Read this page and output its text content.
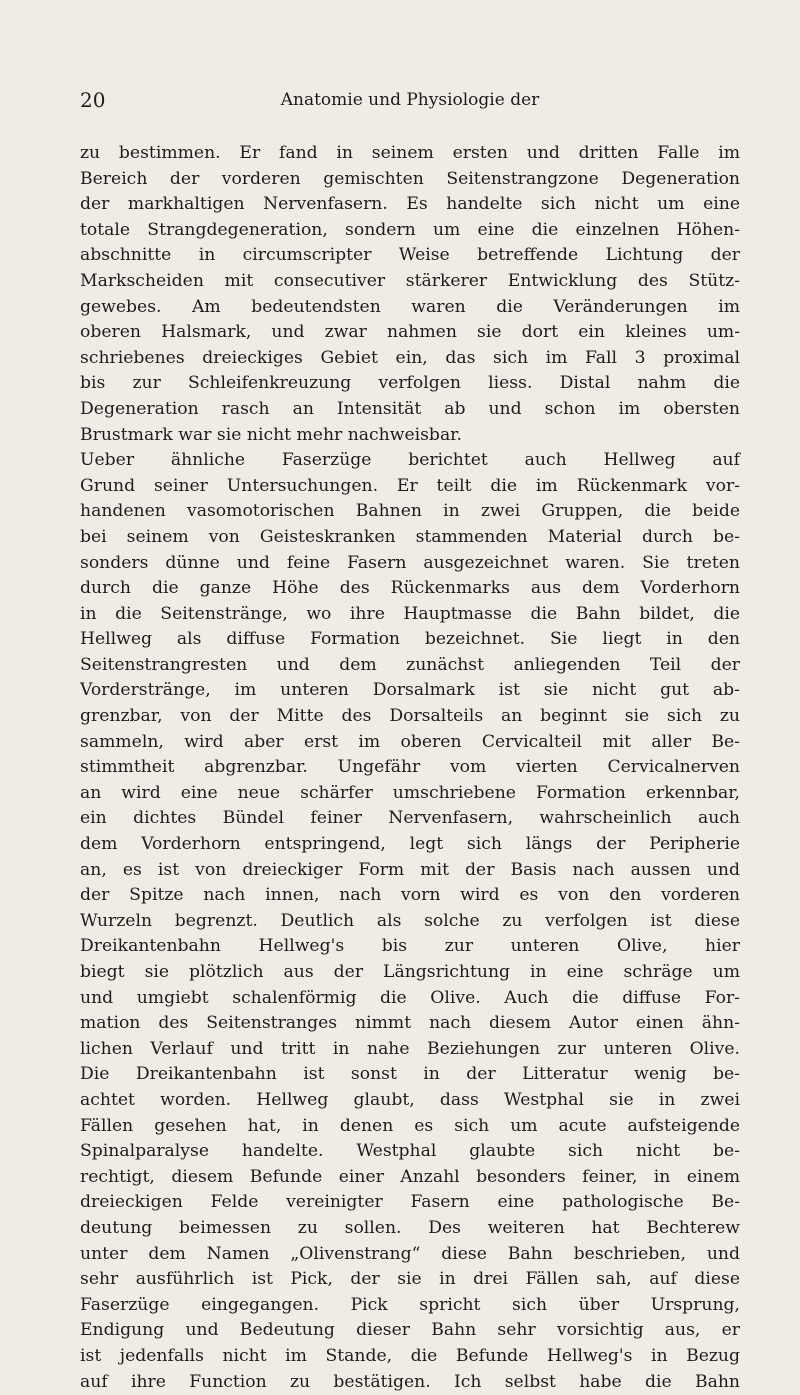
20	Anatomie und Physiologie der
zu bestimmen. Er fand in seinem ersten und dritten Falle im
Bereich der vorderen gemischten Seitenstrangzone Degeneration
der markhaltigen Nervenfasern. Es handelte sich nicht um eine
totale Strangdegeneration, sondern um eine die einzelnen Höhen-
abschnitte in circumscripter Weise betreffende Lichtung der
Markscheiden mit consecutiver stärkerer Entwicklung des Stütz-
gewebes. Am bedeutendsten waren die Veränderungen im
oberen Halsmark, und zwar nahmen sie dort ein kleines um-
schriebenes dreieckiges Gebiet ein, das sich im Fall 3 proximal
bis zur Schleifenkreuzung verfolgen liess. Distal nahm die
Degeneration rasch an Intensität ab und schon im obersten
Brustmark war sie nicht mehr nachweisbar.
Ueber ähnliche Faserzüge berichtet auch Hellweg auf
Grund seiner Untersuchungen. Er teilt die im Rückenmark vor-
handenen vasomotorischen Bahnen in zwei Gruppen, die beide
bei seinem von Geisteskranken stammenden Material durch be-
sonders dünne und feine Fasern ausgezeichnet waren. Sie treten
durch die ganze Höhe des Rückenmarks aus dem Vorderhorn
in die Seitenstränge, wo ihre Hauptmasse die Bahn bildet, die
Hellweg als diffuse Formation bezeichnet. Sie liegt in den
Seitenstrangresten und dem zunächst anliegenden Teil der
Vorderstränge, im unteren Dorsalmark ist sie nicht gut ab-
grenzbar, von der Mitte des Dorsalteils an beginnt sie sich zu
sammeln, wird aber erst im oberen Cervicalteil mit aller Be-
stimmtheit abgrenzbar. Ungefähr vom vierten Cervicalnerven
an wird eine neue schärfer umschriebene Formation erkennbar,
ein dichtes Bündel feiner Nervenfasern, wahrscheinlich auch
dem Vorderhorn entspringend, legt sich längs der Peripherie
an, es ist von dreieckiger Form mit der Basis nach aussen und
der Spitze nach innen, nach vorn wird es von den vorderen
Wurzeln begrenzt. Deutlich als solche zu verfolgen ist diese
Dreikantenbahn Hellweg's bis zur unteren Olive, hier
biegt sie plötzlich aus der Längsrichtung in eine schräge um
und umgiebt schalenförmig die Olive. Auch die diffuse For-
mation des Seitenstranges nimmt nach diesem Autor einen ähn-
lichen Verlauf und tritt in nahe Beziehungen zur unteren Olive.
Die Dreikantenbahn ist sonst in der Litteratur wenig be-
achtet worden. Hellweg glaubt, dass Westphal sie in zwei
Fällen gesehen hat, in denen es sich um acute aufsteigende
Spinalparalyse handelte. Westphal glaubte sich nicht be-
rechtigt, diesem Befunde einer Anzahl besonders feiner, in einem
dreieckigen Felde vereinigter Fasern eine pathologische Be-
deutung beimessen zu sollen. Des weiteren hat Bechterew
unter dem Namen „Olivenstrang“ diese Bahn beschrieben, und
sehr ausführlich ist Pick, der sie in drei Fällen sah, auf diese
Faserzüge eingegangen. Pick spricht sich über Ursprung,
Endigung und Bedeutung dieser Bahn sehr vorsichtig aus, er
ist jedenfalls nicht im Stande, die Befunde Hellweg's in Bezug
auf ihre Function zu bestätigen. Ich selbst habe die Bahn
